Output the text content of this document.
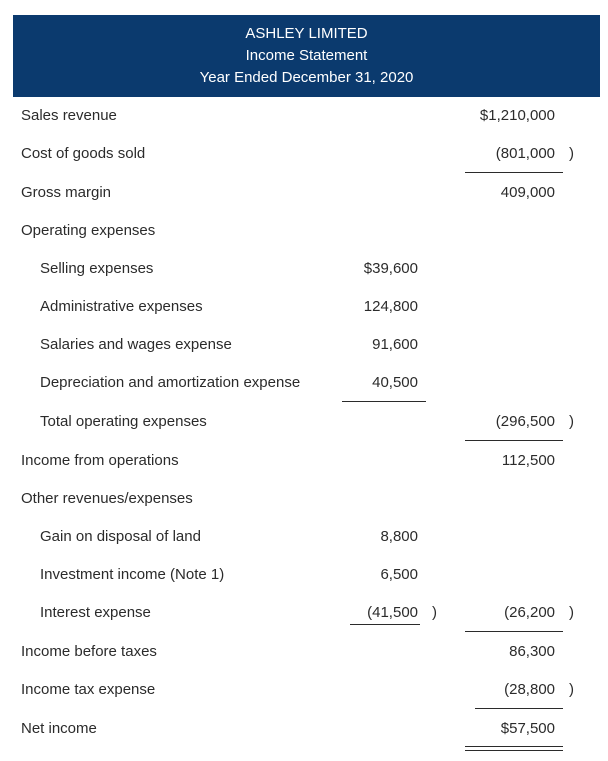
ASHLEY LIMITED
Income Statement
Year Ended December 31, 2020
Sales revenue	$1,210,000
Cost of goods sold	(801,000 )
Gross margin	409,000
Operating expenses
Selling expenses	$39,600
Administrative expenses	124,800
Salaries and wages expense	91,600
Depreciation and amortization expense	40,500
Total operating expenses	(296,500 )
Income from operations	112,500
Other revenues/expenses
Gain on disposal of land	8,800
Investment income (Note 1)	6,500
Interest expense	(41,500 )	(26,200 )
Income before taxes	86,300
Income tax expense	(28,800 )
Net income	$57,500
